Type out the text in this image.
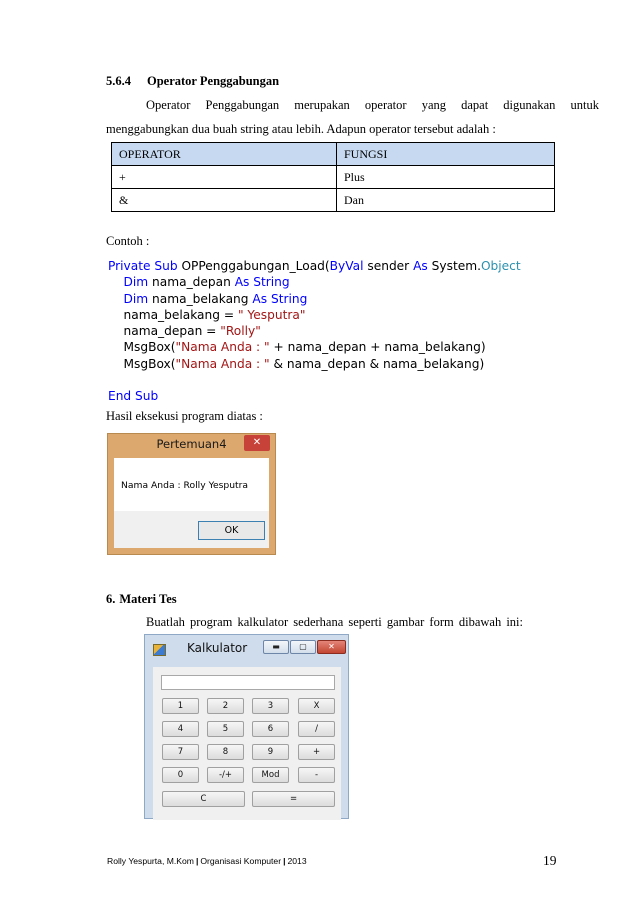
5.6.4 Operator Penggabungan
Operator Penggabungan merupakan operator yang dapat digunakan untuk
menggabungkan dua buah string atau lebih. Adapun operator tersebut adalah :
OPERATOR	FUNGSI
+	Plus
&	Dan
Contoh :
Private Sub OPPenggabungan_Load(ByVal sender As System.Object
Dim nama_depan As String
Dim nama_belakang As String
nama_belakang = " Yesputra"
nama_depan = "Rolly"
MsgBox("Nama Anda : " + nama_depan + nama_belakang)
MsgBox("Nama Anda : " & nama_depan & nama_belakang)
End Sub
Hasil eksekusi program diatas :
Pertemuan4	✕
Nama Anda : Rolly Yesputra
OK
6. Materi Tes
Buatlah program kalkulator sederhana seperti gambar form dibawah ini:
Kalkulator	▬	▢	✕
1	2	3	X
4	5	6	/
7	8	9	+
0	-/+	Mod	-
C	=
Rolly Yespurta, M.Kom | Organisasi Komputer | 2013	19
